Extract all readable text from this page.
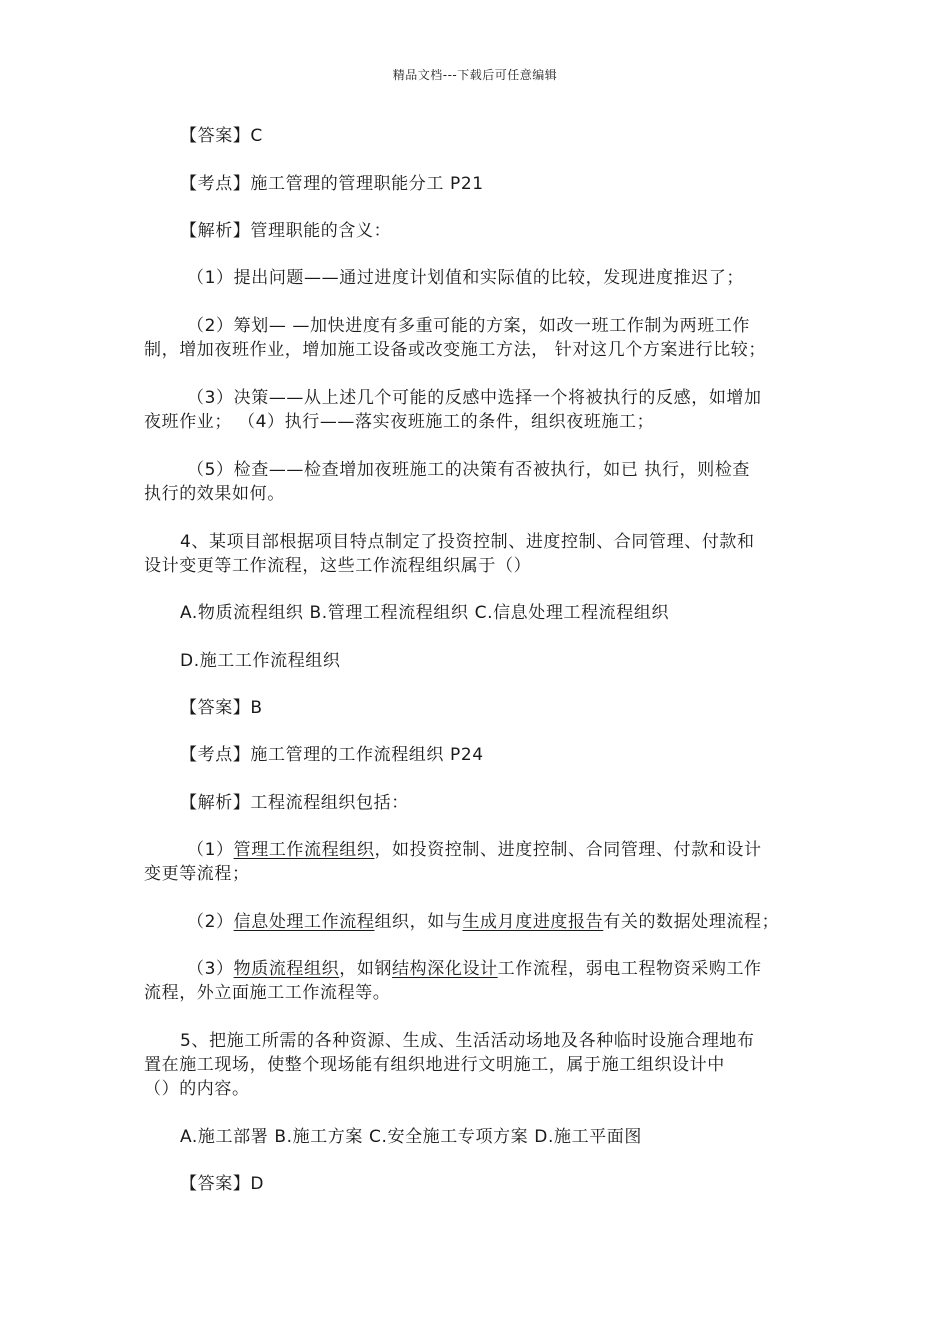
精品文档---下载后可任意编辑
【答案】C
【考点】施工管理的管理职能分工 P21
【解析】管理职能的含义：
（1）提出问题——通过进度计划值和实际值的比较，发现进度推迟了；
（2）筹划— —加快进度有多重可能的方案，如改一班工作制为两班工作
制，增加夜班作业，增加施工设备或改变施工方法， 针对这几个方案进行比较；
（3）决策——从上述几个可能的反感中选择一个将被执行的反感，如增加
夜班作业； （4）执行——落实夜班施工的条件，组织夜班施工；
（5）检查——检查增加夜班施工的决策有否被执行，如已 执行，则检查
执行的效果如何。
4、某项目部根据项目特点制定了投资控制、进度控制、合同管理、付款和
设计变更等工作流程，这些工作流程组织属于（）
A.物质流程组织 B.管理工程流程组织 C.信息处理工程流程组织
D.施工工作流程组织
【答案】B
【考点】施工管理的工作流程组织 P24
【解析】工程流程组织包括：
（1）管理工作流程组织，如投资控制、进度控制、合同管理、付款和设计
变更等流程；
（2）信息处理工作流程组织，如与生成月度进度报告有关的数据处理流程；
（3）物质流程组织，如钢结构深化设计工作流程，弱电工程物资采购工作
流程，外立面施工工作流程等。
5、把施工所需的各种资源、生成、生活活动场地及各种临时设施合理地布
置在施工现场，使整个现场能有组织地进行文明施工，属于施工组织设计中
（）的内容。
A.施工部署 B.施工方案 C.安全施工专项方案 D.施工平面图
【答案】D
